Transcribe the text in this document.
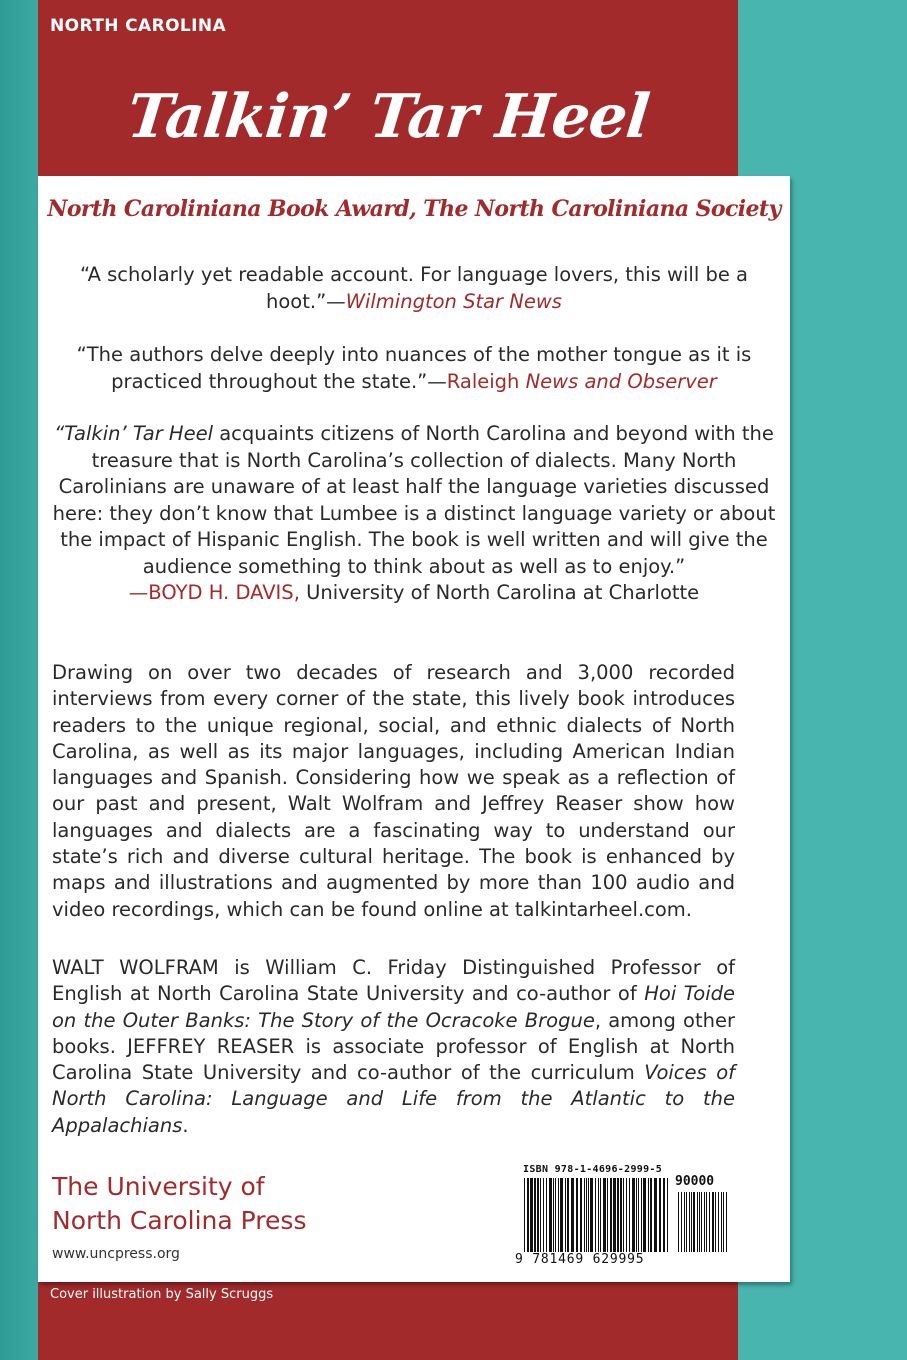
NORTH CAROLINA
Talkin’ Tar Heel
North Caroliniana Book Award, The North Caroliniana Society
“A scholarly yet readable account. For language lovers, this will be a hoot.”—Wilmington Star News
“The authors delve deeply into nuances of the mother tongue as it is practiced throughout the state.”—Raleigh News and Observer
“Talkin’ Tar Heel acquaints citizens of North Carolina and beyond with the treasure that is North Carolina’s collection of dialects. Many North Carolinians are unaware of at least half the language varieties discussed here: they don’t know that Lumbee is a distinct language variety or about the impact of Hispanic English. The book is well written and will give the audience something to think about as well as to enjoy.”
—BOYD H. DAVIS, University of North Carolina at Charlotte
Drawing on over two decades of research and 3,000 recorded interviews from every corner of the state, this lively book introduces readers to the unique regional, social, and ethnic dialects of North Carolina, as well as its major languages, including American Indian languages and Spanish. Considering how we speak as a reflection of our past and present, Walt Wolfram and Jeffrey Reaser show how languages and dialects are a fascinating way to understand our state’s rich and diverse cultural heritage. The book is enhanced by maps and illustrations and augmented by more than 100 audio and video recordings, which can be found online at talkintarheel.com.
WALT WOLFRAM is William C. Friday Distinguished Professor of English at North Carolina State University and co-author of Hoi Toide on the Outer Banks: The Story of the Ocracoke Brogue, among other books. JEFFREY REASER is associate professor of English at North Carolina State University and co-author of the curriculum Voices of North Carolina: Language and Life from the Atlantic to the Appalachians.
The University of
North Carolina Press
www.uncpress.org
ISBN 978-1-4696-2999-5
90000
9 781469 629995
Cover illustration by Sally Scruggs
